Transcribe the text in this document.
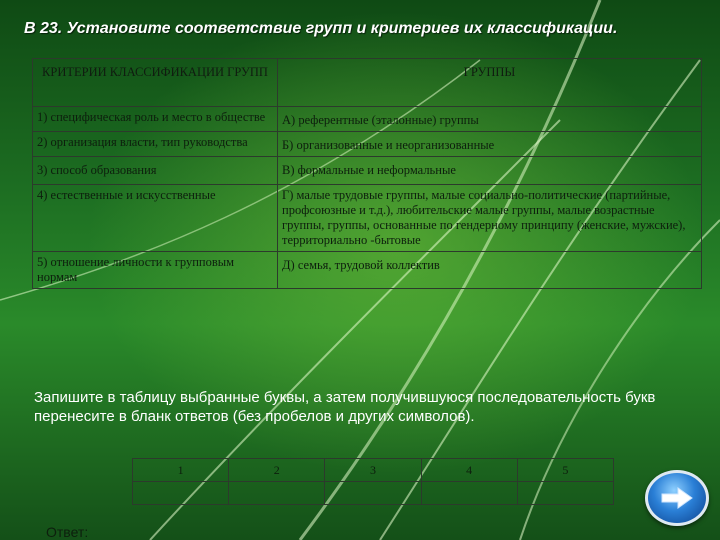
В 23. Установите соответствие групп и критериев их классификации.
КРИТЕРИИ КЛАССИФИКАЦИИ ГРУПП	ГРУППЫ
1) специфическая роль и место в обществе	А) референтные (эталонные) группы
2) организация власти, тип руководства	Б) организованные и неорганизованные
3) способ образования	В) формальные и неформальные
4) естественные и искусственные	Г) малые трудовые группы, малые социально-политические (партийные, профсоюзные и т.д.), любительские малые группы, малые возрастные группы, группы, основанные по гендерному принципу (женские, мужские), территориально -бытовые
5) отношение личности к групповым нормам	Д) семья, трудовой коллектив
Запишите в таблицу выбранные буквы, а затем получившуюся последовательность букв перенесите в бланк ответов (без пробелов и других символов).
1	2	3	4	5

Ответ:
